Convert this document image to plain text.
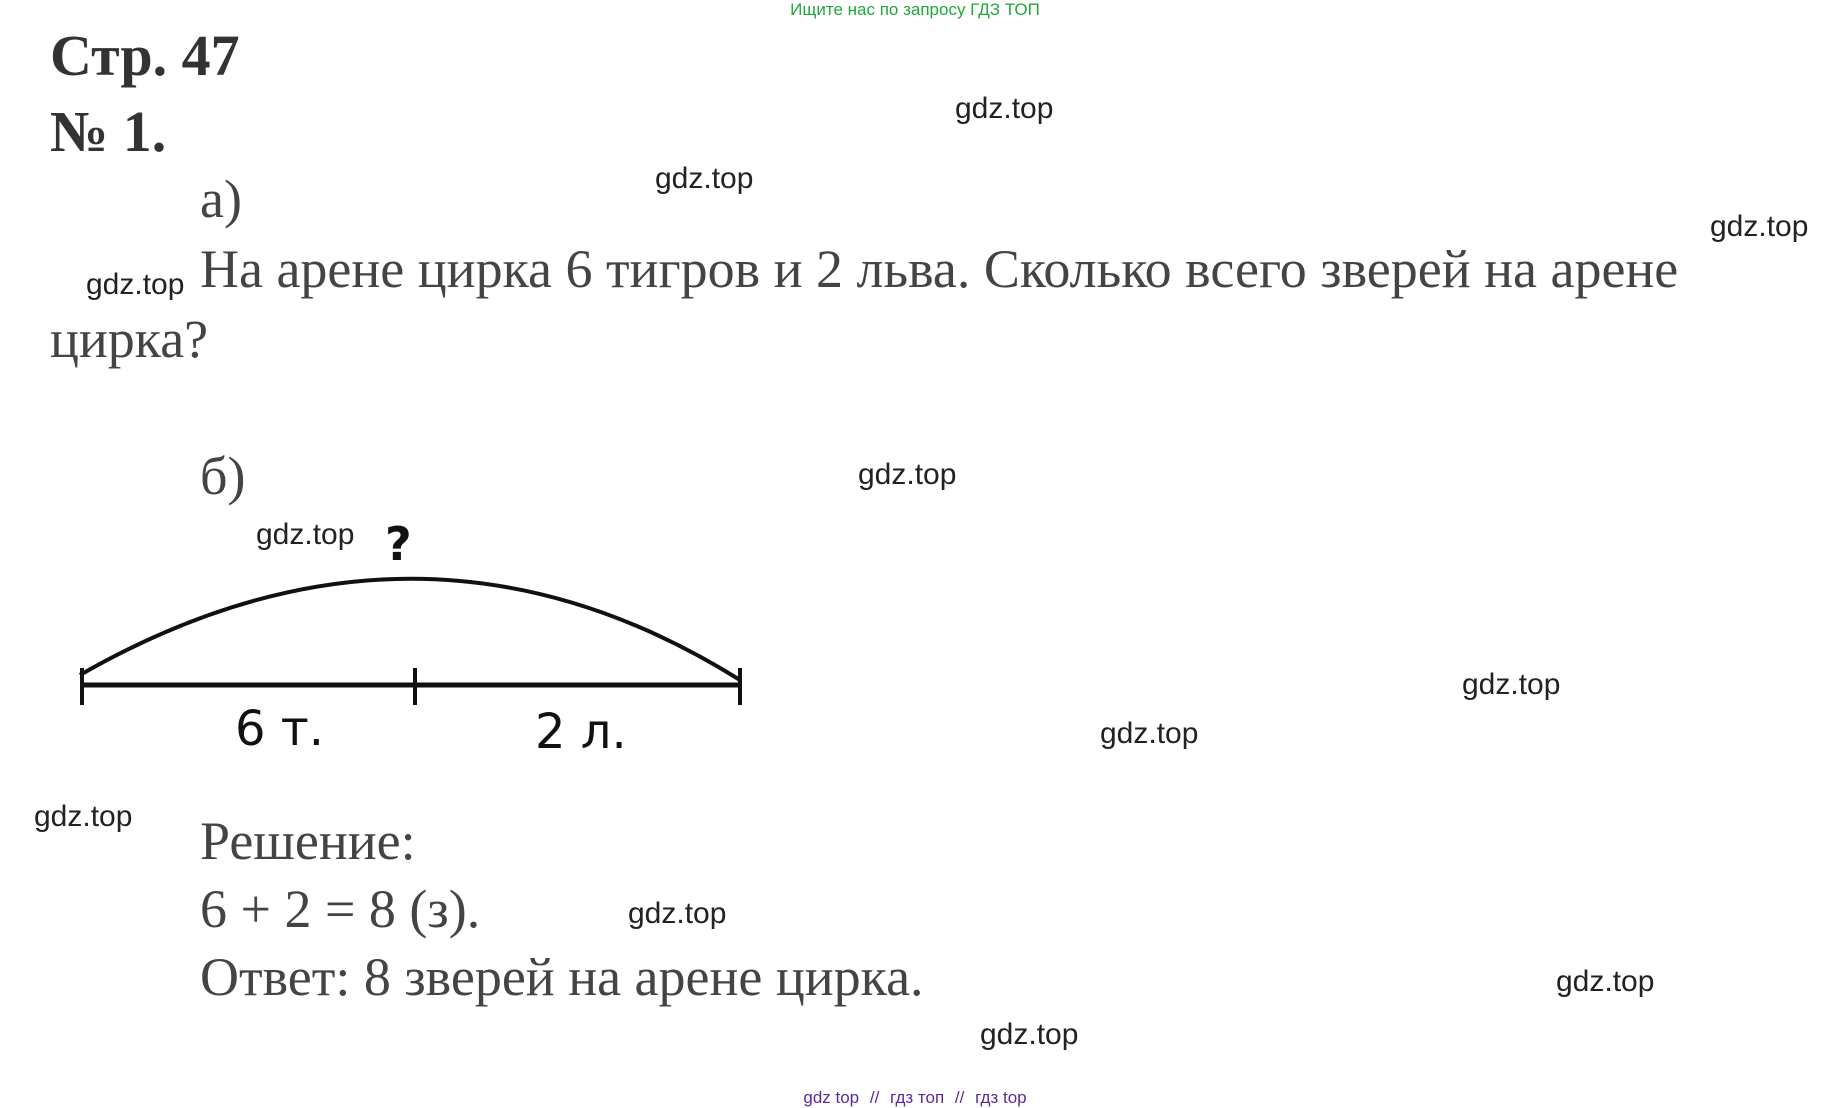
Ищите нас по запросу ГДЗ ТОП
Стр. 47
№ 1.
а)
На арене цирка 6 тигров и 2 льва. Сколько всего зверей на арене цирка?
б)
?
6 т.	2 л.
Решение:
6 + 2 = 8 (з).
Ответ: 8 зверей на арене цирка.
gdz.top
gdz.top
gdz.top
gdz.top
gdz.top
gdz.top
gdz.top
gdz.top
gdz.top
gdz.top
gdz.top
gdz.top
gdz top // гдз топ // гдз top
